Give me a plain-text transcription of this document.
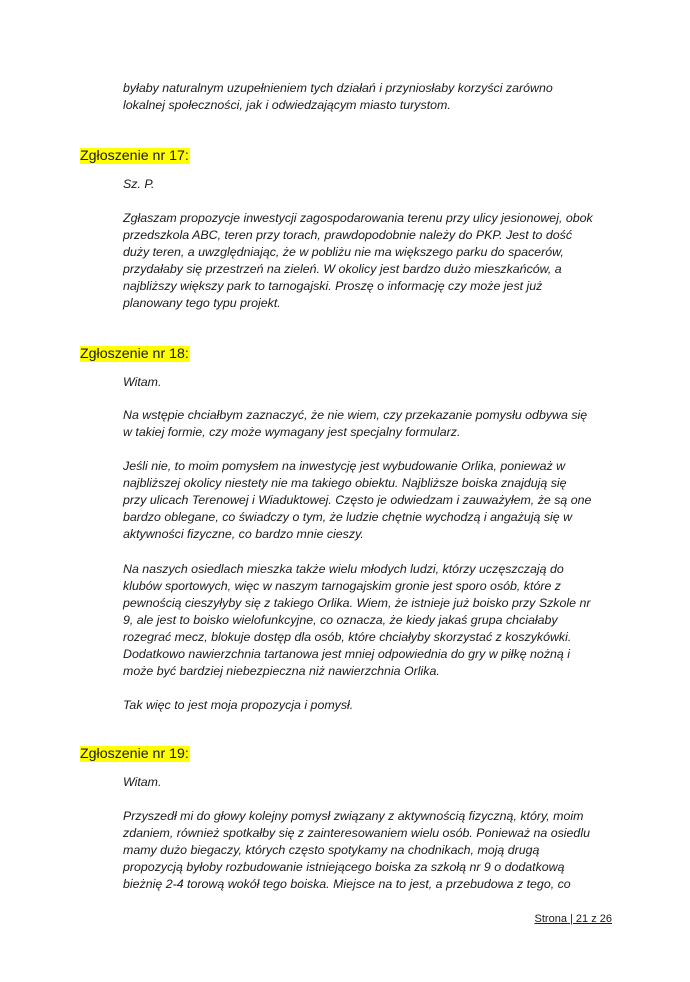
byłaby naturalnym uzupełnieniem tych działań i przyniosłaby korzyści zarówno
lokalnej społeczności, jak i odwiedzającym miasto turystom.
Zgłoszenie nr 17:
Sz. P.
Zgłaszam propozycje inwestycji zagospodarowania terenu przy ulicy jesionowej, obok
przedszkola ABC, teren przy torach, prawdopodobnie należy do PKP. Jest to dość
duży teren, a uwzględniając, że w pobliżu nie ma większego parku do spacerów,
przydałaby się przestrzeń na zieleń. W okolicy jest bardzo dużo mieszkańców, a
najbliższy większy park to tarnogajski. Proszę o informację czy może jest już
planowany tego typu projekt.
Zgłoszenie nr 18:
Witam.
Na wstępie chciałbym zaznaczyć, że nie wiem, czy przekazanie pomysłu odbywa się
w takiej formie, czy może wymagany jest specjalny formularz.
Jeśli nie, to moim pomysłem na inwestycję jest wybudowanie Orlika, ponieważ w
najbliższej okolicy niestety nie ma takiego obiektu. Najbliższe boiska znajdują się
przy ulicach Terenowej i Wiaduktowej. Często je odwiedzam i zauważyłem, że są one
bardzo oblegane, co świadczy o tym, że ludzie chętnie wychodzą i angażują się w
aktywności fizyczne, co bardzo mnie cieszy.
Na naszych osiedlach mieszka także wielu młodych ludzi, którzy uczęszczają do
klubów sportowych, więc w naszym tarnogajskim gronie jest sporo osób, które z
pewnością cieszyłyby się z takiego Orlika. Wiem, że istnieje już boisko przy Szkole nr
9, ale jest to boisko wielofunkcyjne, co oznacza, że kiedy jakaś grupa chciałaby
rozegrać mecz, blokuje dostęp dla osób, które chciałyby skorzystać z koszykówki.
Dodatkowo nawierzchnia tartanowa jest mniej odpowiednia do gry w piłkę nożną i
może być bardziej niebezpieczna niż nawierzchnia Orlika.
Tak więc to jest moja propozycja i pomysł.
Zgłoszenie nr 19:
Witam.
Przyszedł mi do głowy kolejny pomysł związany z aktywnością fizyczną, który, moim
zdaniem, również spotkałby się z zainteresowaniem wielu osób. Ponieważ na osiedlu
mamy dużo biegaczy, których często spotykamy na chodnikach, moją drugą
propozycją byłoby rozbudowanie istniejącego boiska za szkołą nr 9 o dodatkową
bieżnię 2-4 torową wokół tego boiska. Miejsce na to jest, a przebudowa z tego, co
Strona | 21 z 26
